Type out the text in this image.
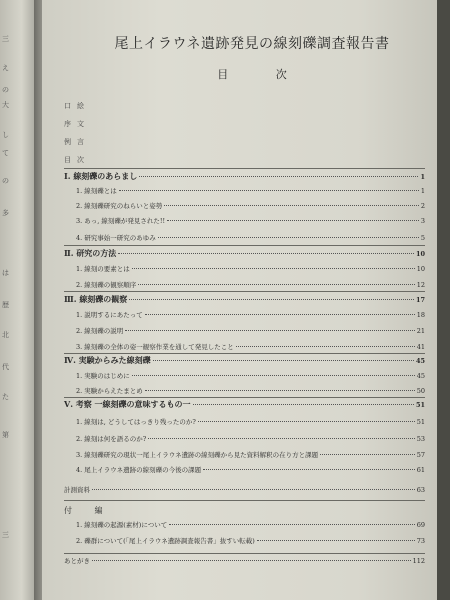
三
え
の
大
し
て
の
多
は
歴
北
代
た
第
三
尾上イラウネ遺跡発見の線刻礫調査報告書
目 次
口絵
序文
例言
目次
Ⅰ. 線刻礫のあらまし	1
1. 線刻礫とは	1
2. 線刻礫研究のねらいと姿勢	2
3. あっ, 線刻礫が発見された!!	3
4. 研究事始一研究のあゆみ	5
Ⅱ. 研究の方法	10
1. 線刻の要素とは	10
2. 線刻礫の観察順序	12
Ⅲ. 線刻礫の観察	17
1. 説明するにあたって	18
2. 線刻礫の説明	21
3. 線刻礫の全体の姿一観察作業を通して発見したこと	41
Ⅳ. 実験からみた線刻礫	45
1. 実験のはじめに	45
2. 実験からえたまとめ	50
Ⅴ. 考察 一線刻礫の意味するもの一	51
1. 線刻は, どうしてはっきり残ったのか?	51
2. 線刻は何を語るのか?	53
3. 線刻礫研究の現状一尾上イラウネ遺跡の線刻礫から見た資料解釈の在り方と課題	57
4. 尾上イラウネ遺跡の線刻礫の今後の課題	61
計測資料	63
付 編
1. 線刻礫の起源(素材)について	69
2. 礫群について(「尾上イラウネ遺跡調査報告書」抜すい転載)	73
あとがき	112
